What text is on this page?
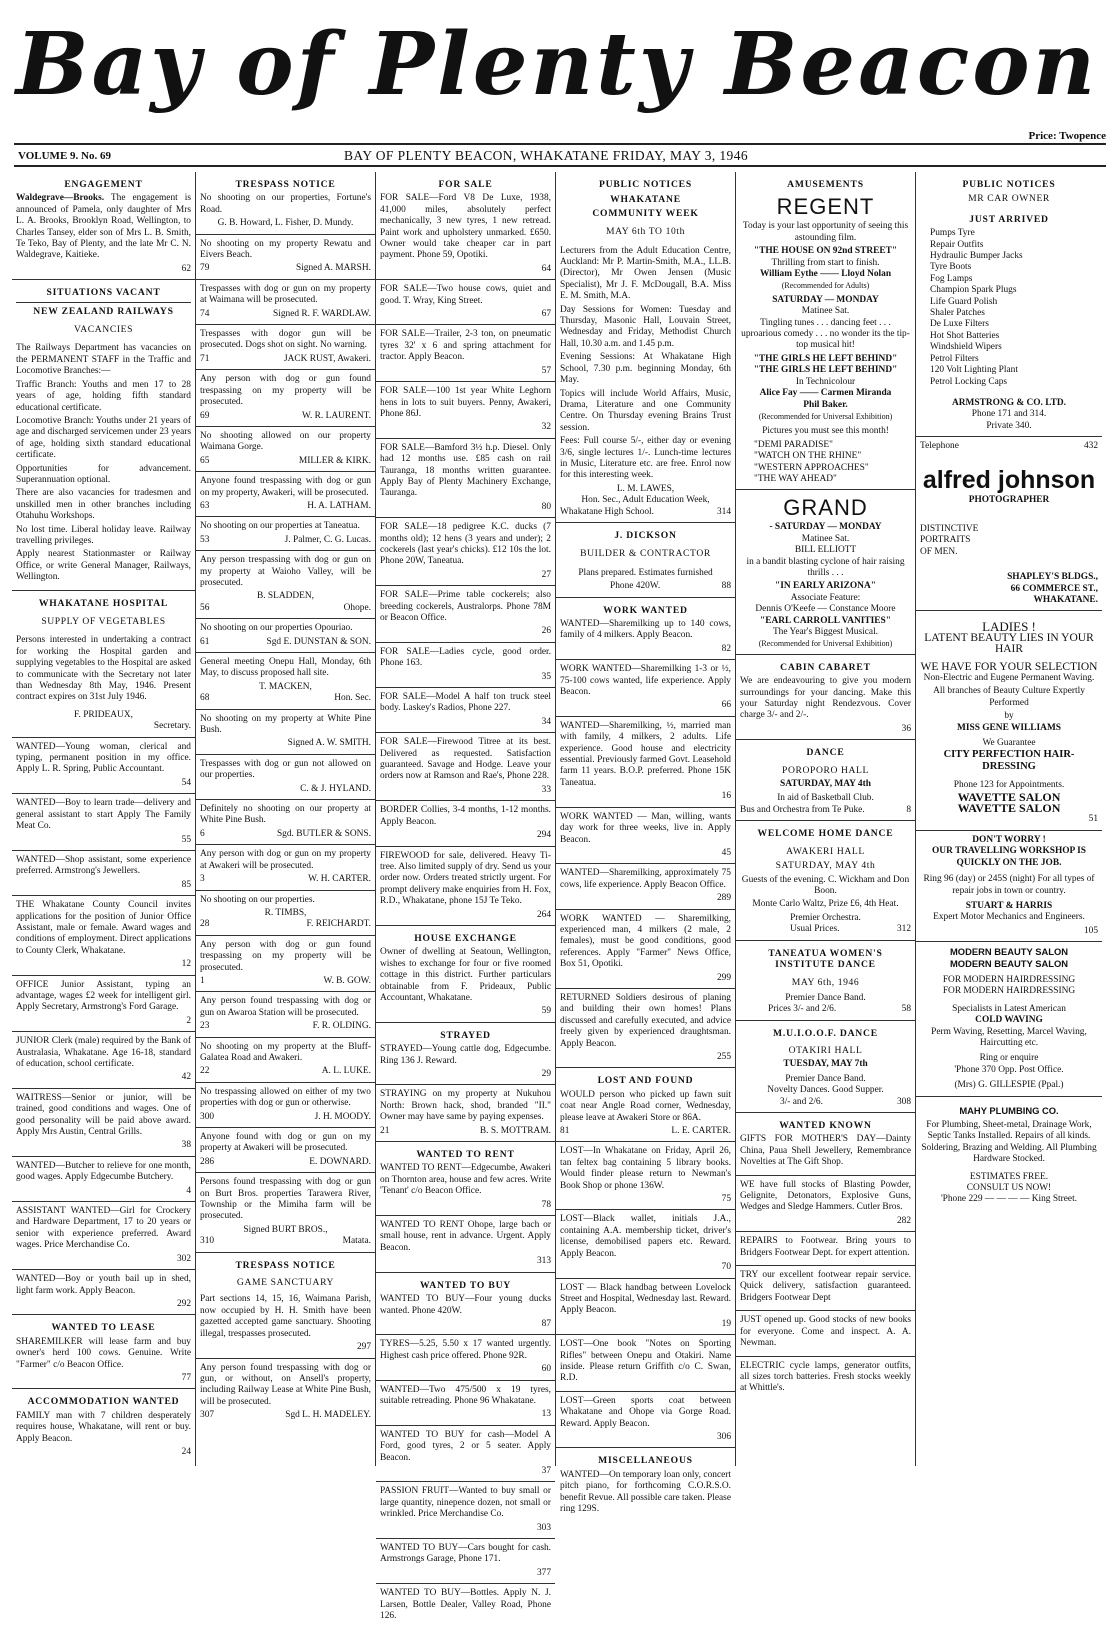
Bay of Plenty Beacon
Price: Twopence
VOLUME 9. No. 69	BAY OF PLENTY BEACON, WHAKATANE FRIDAY, MAY 3, 1946
ENGAGEMENT

Waldegrave—Brooks. The engagement is announced of Pamela, only daughter of Mrs L. A. Brooks, Brooklyn Road, Wellington, to Charles Tansey, elder son of Mrs L. B. Smith, Te Teko, Bay of Plenty, and the late Mr C. N. Waldegrave, Kaitieke.

62
SITUATIONS VACANT
NEW ZEALAND RAILWAYS
VACANCIES

The Railways Department has vacancies on the PERMANENT STAFF in the Traffic and Locomotive Branches:—

Traffic Branch: Youths and men 17 to 28 years of age, holding fifth standard educational certificate.

Locomotive Branch: Youths under 21 years of age and discharged servicemen under 23 years of age, holding sixth standard educational certificate.

Opportunities for advancement. Superannuation optional.

There are also vacancies for tradesmen and unskilled men in other branches including Otahuhu Workshops.

No lost time. Liberal holiday leave. Railway travelling privileges.

Apply nearest Stationmaster or Railway Office, or write General Manager, Railways, Wellington.

WHAKATANE HOSPITAL
SUPPLY OF VEGETABLES

Persons interested in undertaking a contract for working the Hospital garden and supplying vegetables to the Hospital are asked to communicate with the Secretary not later than Wednesday 8th May, 1946. Present contract expires on 31st July 1946.

F. PRIDEAUX,
Secretary.

WANTED—Young woman, clerical and typing, permanent position in my office. Apply L. R. Spring, Public Accountant.

54

WANTED—Boy to learn trade—delivery and general assistant to start Apply The Family Meat Co.

55

WANTED—Shop assistant, some experience preferred. Armstrong's Jewellers.

85

THE Whakatane County Council invites applications for the position of Junior Office Assistant, male or female. Award wages and conditions of employment. Direct applications to County Clerk, Whakatane.

12

OFFICE Junior Assistant, typing an advantage, wages £2 week for intelligent girl. Apply Secretary, Armstrong's Ford Garage.

2

JUNIOR Clerk (male) required by the Bank of Australasia, Whakatane. Age 16-18, standard of education, school certificate.

42

WAITRESS—Senior or junior, will be trained, good conditions and wages. One of good personality will be paid above award. Apply Mrs Austin, Central Grills.

38

WANTED—Butcher to relieve for one month, good wages. Apply Edgecumbe Butchery.

4

ASSISTANT WANTED—Girl for Crockery and Hardware Department, 17 to 20 years or senior with experience preferred. Award wages. Price Merchandise Co.

302

WANTED—Boy or youth bail up in shed, light farm work. Apply Beacon.

292
WANTED TO LEASE

SHAREMILKER will lease farm and buy owner's herd 100 cows. Genuine. Write "Farmer" c/o Beacon Office.

77
ACCOMMODATION WANTED

FAMILY man with 7 children desperately requires house, Whakatane, will rent or buy. Apply Beacon.

24
TRESPASS NOTICE

No shooting on our properties, Fortune's Road.

G. B. Howard, L. Fisher, D. Mundy.

No shooting on my property Rewatu and Eivers Beach.

79	Signed A. MARSH.

Trespasses with dog or gun on my property at Waimana will be prosecuted.

74	Signed R. F. WARDLAW.

Trespasses with dogor gun will be prosecuted. Dogs shot on sight. No warning.

71	JACK RUST, Awakeri.

Any person with dog or gun found trespassing on my property will be prosecuted.

69	W. R. LAURENT.

No shooting allowed on our property Waimana Gorge.

65	MILLER & KIRK.

Anyone found trespassing with dog or gun on my property, Awakeri, will be prosecuted.

63	H. A. LATHAM.

No shooting on our properties at Taneatua.

53	J. Palmer, C. G. Lucas.

Any person trespassing with dog or gun on my property at Waioho Valley, will be prosecuted.

B. SLADDEN,
56	Ohope.

No shooting on our properties Opouriao.

61	Sgd E. DUNSTAN & SON.

General meeting Onepu Hall, Monday, 6th May, to discuss proposed hall site.

T. MACKEN,
68	Hon. Sec.

No shooting on my property at White Pine Bush.

Signed A. W. SMITH.

Trespasses with dog or gun not allowed on our properties.

C. & J. HYLAND.

Definitely no shooting on our property at White Pine Bush.

6	Sgd. BUTLER & SONS.

Any person with dog or gun on my property at Awakeri will be prosecuted.

3	W. H. CARTER.

No shooting on our properties.

R. TIMBS,
28	F. REICHARDT.

Any person with dog or gun found trespassing on my property will be prosecuted.

1	W. B. GOW.

Any person found trespassing with dog or gun on Awaroa Station will be prosecuted.

23	F. R. OLDING.

No shooting on my property at the Bluff-Galatea Road and Awakeri.

22	A. L. LUKE.

No trespassing allowed on either of my two properties with dog or gun or otherwise.

300	J. H. MOODY.

Anyone found with dog or gun on my property at Awakeri will be prosecuted.

286	E. DOWNARD.

Persons found trespassing with dog or gun on Burt Bros. properties Tarawera River, Township or the Mimiha farm will be prosecuted.

Signed BURT BROS.,
310	Matata.
TRESPASS NOTICE
GAME SANCTUARY

Part sections 14, 15, 16, Waimana Parish, now occupied by H. H. Smith have been gazetted accepted game sanctuary. Shooting illegal, trespasses prosecuted.

297

Any person found trespassing with dog or gun, or without, on Ansell's property, including Railway Lease at White Pine Bush, will be prosecuted.

307	Sgd L. H. MADELEY.
FOR SALE

FOR SALE—Ford V8 De Luxe, 1938, 41,000 miles, absolutely perfect mechanically, 3 new tyres, 1 new retread. Paint work and upholstery unmarked. £650. Owner would take cheaper car in part payment. Phone 59, Opotiki.

64

FOR SALE—Two house cows, quiet and good. T. Wray, King Street.

67

FOR SALE—Trailer, 2-3 ton, on pneumatic tyres 32' x 6 and spring attachment for tractor. Apply Beacon.

57

FOR SALE—100 1st year White Leghorn hens in lots to suit buyers. Penny, Awakeri, Phone 86J.

32

FOR SALE—Bamford 3½ h.p. Diesel. Only had 12 months use. £85 cash on rail Tauranga, 18 months written guarantee. Apply Bay of Plenty Machinery Exchange, Tauranga.

80

FOR SALE—18 pedigree K.C. ducks (7 months old); 12 hens (3 years and under); 2 cockerels (last year's chicks). £12 10s the lot. Phone 20W, Taneatua.

27

FOR SALE—Prime table cockerels; also breeding cockerels, Australorps. Phone 78M or Beacon Office.

26

FOR SALE—Ladies cycle, good order. Phone 163.

35

FOR SALE—Model A half ton truck steel body. Laskey's Radios, Phone 227.

34

FOR SALE—Firewood Titree at its best. Delivered as requested. Satisfaction guaranteed. Savage and Hodge. Leave your orders now at Ramson and Rae's, Phone 228.

33

BORDER Collies, 3-4 months, 1-12 months. Apply Beacon.

294

FIREWOOD for sale, delivered. Heavy Ti-tree. Also limited supply of dry. Send us your order now. Orders treated strictly urgent. For prompt delivery make enquiries from H. Fox, R.D., Whakatane, phone 15J Te Teko.

264
HOUSE EXCHANGE

Owner of dwelling at Seatoun, Wellington, wishes to exchange for four or five roomed cottage in this district. Further particulars obtainable from F. Prideaux, Public Accountant, Whakatane.

59
STRAYED

STRAYED—Young cattle dog, Edgecumbe. Ring 136 J. Reward.

29

STRAYING on my property at Nukuhou North: Brown hack, shod, branded "II." Owner may have same by paying expenses.

21	B. S. MOTTRAM.
WANTED TO RENT

WANTED TO RENT—Edgecumbe, Awakeri on Thornton area, house and few acres. Write 'Tenant' c/o Beacon Office.

78

WANTED TO RENT Ohope, large bach or small house, rent in advance. Urgent. Apply Beacon.

313
WANTED TO BUY

WANTED TO BUY—Four young ducks wanted. Phone 420W.

87

TYRES—5.25, 5.50 x 17 wanted urgently. Highest cash price offered. Phone 92R.

60

WANTED—Two 475/500 x 19 tyres, suitable retreading. Phone 96 Whakatane.

13

WANTED TO BUY for cash—Model A Ford, good tyres, 2 or 5 seater. Apply Beacon.

37

PASSION FRUIT—Wanted to buy small or large quantity, ninepence dozen, not small or wrinkled. Price Merchandise Co.

303

WANTED TO BUY—Cars bought for cash. Armstrongs Garage, Phone 171.

377

WANTED TO BUY—Bottles. Apply N. J. Larsen, Bottle Dealer, Valley Road, Phone 126.

PUBLIC NOTICES
WHAKATANE
COMMUNITY WEEK
MAY 6th TO 10th

Lecturers from the Adult Education Centre, Auckland: Mr P. Martin-Smith, M.A., LL.B. (Director), Mr Owen Jensen (Music Specialist), Mr J. F. McDougall, B.A. Miss E. M. Smith, M.A.

Day Sessions for Women: Tuesday and Thursday, Masonic Hall, Louvain Street, Wednesday and Friday, Methodist Church Hall, 10.30 a.m. and 1.45 p.m.

Evening Sessions: At Whakatane High School, 7.30 p.m. beginning Monday, 6th May.

Topics will include World Affairs, Music, Drama, Literature and one Community Centre. On Thursday evening Brains Trust session.

Fees: Full course 5/-, either day or evening 3/6, single lectures 1/-. Lunch-time lectures in Music, Literature etc. are free. Enrol now for this interesting week.

L. M. LAWES,
Hon. Sec., Adult Education Week,
Whakatane High School.	314
J. DICKSON
BUILDER & CONTRACTOR

Plans prepared. Estimates furnished

Phone 420W.	88
WORK WANTED

WANTED—Sharemilking up to 140 cows, family of 4 milkers. Apply Beacon.

82

WORK WANTED—Sharemilking 1-3 or ½, 75-100 cows wanted, life experience. Apply Beacon.

66

WANTED—Sharemilking, ½, married man with family, 4 milkers, 2 adults. Life experience. Good house and electricity essential. Previously farmed Govt. Leasehold farm 11 years. B.O.P. preferred. Phone 15K Taneatua.

16

WORK WANTED — Man, willing, wants day work for three weeks, live in. Apply Beacon.

45

WANTED—Sharemilking, approximately 75 cows, life experience. Apply Beacon Office.

289

WORK WANTED — Sharemilking, experienced man, 4 milkers (2 male, 2 females), must be good conditions, good references. Apply "Farmer" News Office, Box 51, Opotiki.

299

RETURNED Soldiers desirous of planing and building their own homes! Plans discussed and carefully executed, and advice freely given by experienced draughtsman. Apply Beacon.

255
LOST AND FOUND

WOULD person who picked up fawn suit coat near Angle Road corner, Wednesday, please leave at Awakeri Store or 86A.

81	L. E. CARTER.

LOST—In Whakatane on Friday, April 26, tan feltex bag containing 5 library books. Would finder please return to Newman's Book Shop or phone 136W.

75

LOST—Black wallet, initials J.A., containing A.A. membership ticket, driver's license, demobilised papers etc. Reward. Apply Beacon.

70

LOST — Black handbag between Lovelock Street and Hospital, Wednesday last. Reward. Apply Beacon.

19

LOST—One book "Notes on Sporting Rifles" between Onepu and Otakiri. Name inside. Please return Griffith c/o C. Swan, R.D.

LOST—Green sports coat between Whakatane and Ohope via Gorge Road. Reward. Apply Beacon.

306
MISCELLANEOUS

WANTED—On temporary loan only, concert pitch piano, for forthcoming C.O.R.S.O. benefit Revue. All possible care taken. Please ring 129S.

AMUSEMENTS
REGENT

Today is your last opportunity of seeing this astounding film.

"THE HOUSE ON 92nd STREET"
Thrilling from start to finish.
William Eythe —— Lloyd Nolan
(Recommended for Adults)
SATURDAY — MONDAY
Matinee Sat.

Tingling tunes . . . dancing feet . . . uproarious comedy . . . no wonder its the tip-top musical hit!

"THE GIRLS HE LEFT BEHIND"
"THE GIRLS HE LEFT BEHIND"
In Technicolour
Alice Fay —— Carmen Miranda
Phil Baker.
(Recommended for Universal Exhibition)

Pictures you must see this month!

"DEMI PARADISE"
"WATCH ON THE RHINE"
"WESTERN APPROACHES"
"THE WAY AHEAD"
GRAND
- SATURDAY — MONDAY
Matinee Sat.
BILL ELLIOTT

in a bandit blasting cyclone of hair raising thrills . . .

"IN EARLY ARIZONA"
Associate Feature:
Dennis O'Keefe — Constance Moore
"EARL CARROLL VANITIES"
The Year's Biggest Musical.
(Recommended for Universal Exhibition)
CABIN CABARET

We are endeavouring to give you modern surroundings for your dancing. Make this your Saturday night Rendezvous. Cover charge 3/- and 2/-.

36
DANCE
POROPORO HALL
SATURDAY, MAY 4th
In aid of Basketball Club.
Bus and Orchestra from Te Puke.	8
WELCOME HOME DANCE
AWAKERI HALL
SATURDAY, MAY 4th

Guests of the evening. C. Wickham and Don Boon.

Monte Carlo Waltz, Prize £6, 4th Heat.

Premier Orchestra.
Usual Prices.	312
TANEATUA WOMEN'S INSTITUTE DANCE
MAY 6th, 1946
Premier Dance Band.
Prices 3/- and 2/6.	58
M.U.I.O.O.F. DANCE
OTAKIRI HALL
TUESDAY, MAY 7th
Premier Dance Band.
Novelty Dances. Good Supper.
3/- and 2/6.	308
WANTED KNOWN

GIFTS FOR MOTHER'S DAY—Dainty China, Paua Shell Jewellery, Remembrance Novelties at The Gift Shop.

WE have full stocks of Blasting Powder, Gelignite, Detonators, Explosive Guns, Wedges and Sledge Hammers. Cutler Bros.

282

REPAIRS to Footwear. Bring yours to Bridgers Footwear Dept. for expert attention.

TRY our excellent footwear repair service. Quick delivery, satisfaction guaranteed. Bridgers Footwear Dept

JUST opened up. Good stocks of new books for everyone. Come and inspect. A. A. Newman.

ELECTRIC cycle lamps, generator outfits, all sizes torch batteries. Fresh stocks weekly at Whittle's.

PUBLIC NOTICES
MR CAR OWNER
JUST ARRIVED
Pumps Tyre
Repair Outfits
Hydraulic Bumper Jacks
Tyre Boots
Fog Lamps
Champion Spark Plugs
Life Guard Polish
Shaler Patches
De Luxe Filters
Hot Shot Batteries
Windshield Wipers
Petrol Filters
120 Volt Lighting Plant
Petrol Locking Caps
ARMSTRONG & CO. LTD.
Phone 171 and 314.
Private 340.
Telephone	432
alfred johnson
PHOTOGRAPHER
DISTINCTIVE
PORTRAITS
OF MEN.
SHAPLEY'S BLDGS.,
66 COMMERCE ST.,
WHAKATANE.
LADIES !
LATENT BEAUTY LIES IN YOUR HAIR
WE HAVE FOR YOUR SELECTION

Non-Electric and Eugene Permanent Waving.

All branches of Beauty Culture Expertly Performed

by
MISS GENE WILLIAMS
We Guarantee
CITY PERFECTION HAIR-DRESSING
Phone 123 for Appointments.
WAVETTE SALON
WAVETTE SALON
51
DON'T WORRY !
OUR TRAVELLING WORKSHOP IS QUICKLY ON THE JOB.

Ring 96 (day) or 245S (night) For all types of repair jobs in town or country.

STUART & HARRIS

Expert Motor Mechanics and Engineers.

105
MODERN BEAUTY SALON
MODERN BEAUTY SALON
FOR MODERN HAIRDRESSING
FOR MODERN HAIRDRESSING
Specialists in Latest American
COLD WAVING

Perm Waving, Resetting, Marcel Waving, Haircutting etc.

Ring or enquire
'Phone 370 Opp. Post Office.
(Mrs) G. GILLESPIE (Ppal.)
MAHY PLUMBING CO.

For Plumbing, Sheet-metal, Drainage Work, Septic Tanks Installed. Repairs of all kinds. Soldering, Brazing and Welding. All Plumbing Hardware Stocked.

ESTIMATES FREE.
CONSULT US NOW!
'Phone 229 — — — — King Street.
